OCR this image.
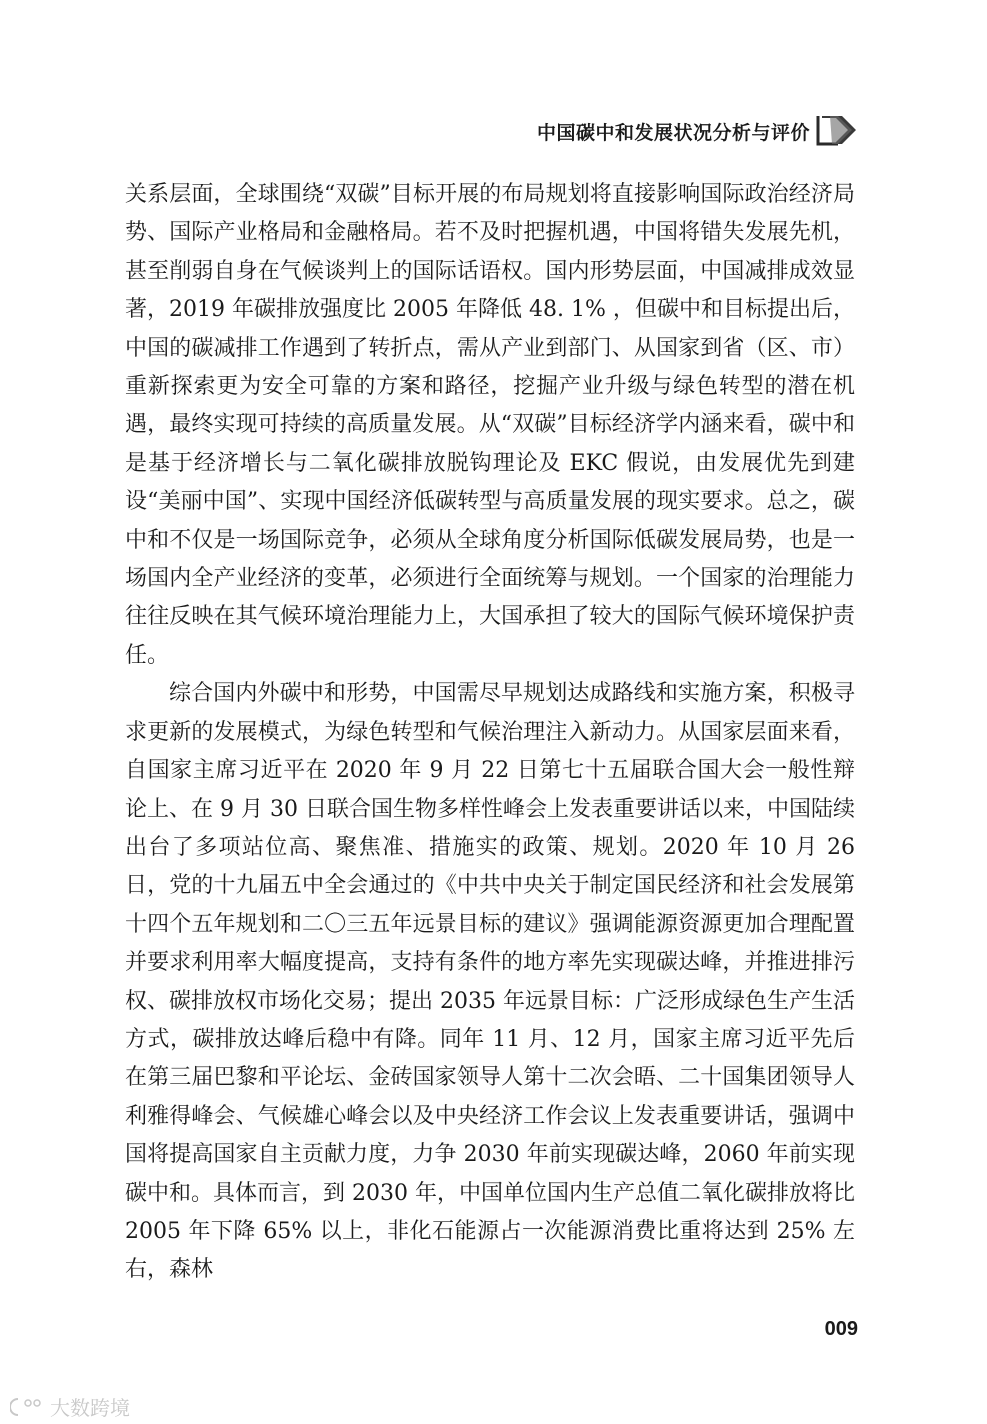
中国碳中和发展状况分析与评价

关系层面，全球围绕“双碳”目标开展的布局规划将直接影响国际政治经济局势、国际产业格局和金融格局。若不及时把握机遇，中国将错失发展先机，甚至削弱自身在气候谈判上的国际话语权。国内形势层面，中国减排成效显著，2019 年碳排放强度比 2005 年降低 48. 1% ，但碳中和目标提出后，中国的碳减排工作遇到了转折点，需从产业到部门、从国家到省（区、市）重新探索更为安全可靠的方案和路径，挖掘产业升级与绿色转型的潜在机遇，最终实现可持续的高质量发展。从“双碳”目标经济学内涵来看，碳中和是基于经济增长与二氧化碳排放脱钩理论及 EKC 假说，由发展优先到建设“美丽中国”、实现中国经济低碳转型与高质量发展的现实要求。总之，碳中和不仅是一场国际竞争，必须从全球角度分析国际低碳发展局势，也是一场国内全产业经济的变革，必须进行全面统筹与规划。一个国家的治理能力往往反映在其气候环境治理能力上，大国承担了较大的国际气候环境保护责任。

综合国内外碳中和形势，中国需尽早规划达成路线和实施方案，积极寻求更新的发展模式，为绿色转型和气候治理注入新动力。从国家层面来看，自国家主席习近平在 2020 年 9 月 22 日第七十五届联合国大会一般性辩论上、在 9 月 30 日联合国生物多样性峰会上发表重要讲话以来，中国陆续出台了多项站位高、聚焦准、措施实的政策、规划。2020 年 10 月 26 日，党的十九届五中全会通过的《中共中央关于制定国民经济和社会发展第十四个五年规划和二〇三五年远景目标的建议》强调能源资源更加合理配置并要求利用率大幅度提高，支持有条件的地方率先实现碳达峰，并推进排污权、碳排放权市场化交易；提出 2035 年远景目标：广泛形成绿色生产生活方式，碳排放达峰后稳中有降。同年 11 月、12 月，国家主席习近平先后在第三届巴黎和平论坛、金砖国家领导人第十二次会晤、二十国集团领导人利雅得峰会、气候雄心峰会以及中央经济工作会议上发表重要讲话，强调中国将提高国家自主贡献力度，力争 2030 年前实现碳达峰，2060 年前实现碳中和。具体而言，到 2030 年，中国单位国内生产总值二氧化碳排放将比 2005 年下降 65% 以上，非化石能源占一次能源消费比重将达到 25% 左右，森林

009
大数跨境
